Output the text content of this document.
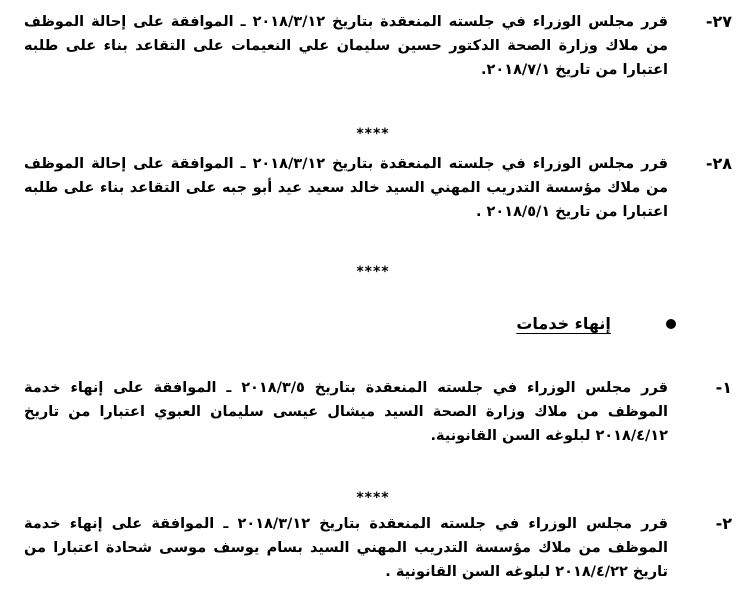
٢٧-
قرر مجلس الوزراء في جلسته المنعقدة بتاريخ ٢٠١٨/٣/١٢ ـ الموافقة على إحالة الموظف من ملاك وزارة الصحة الدكتور حسين سليمان علي النعيمات على التقاعد بناء على طلبه اعتبارا من تاريخ ٢٠١٨/٧/١.
****
٢٨-
قرر مجلس الوزراء في جلسته المنعقدة بتاريخ ٢٠١٨/٣/١٢ ـ الموافقة على إحالة الموظف من ملاك مؤسسة التدريب المهني السيد خالد سعيد عيد أبو جبه على التقاعد بناء على طلبه اعتبارا من تاريخ ٢٠١٨/٥/١ .
****
إنهاء خدمات
١-
قرر مجلس الوزراء في جلسته المنعقدة بتاريخ ٢٠١٨/٣/٥ ـ الموافقة على إنهاء خدمة الموظف من ملاك وزارة الصحة السيد ميشال عيسى سليمان العبوي اعتبارا من تاريخ ٢٠١٨/٤/١٢ لبلوغه السن القانونية.
****
٢-
قرر مجلس الوزراء في جلسته المنعقدة بتاريخ ٢٠١٨/٣/١٢ ـ الموافقة على إنهاء خدمة الموظف من ملاك مؤسسة التدريب المهني السيد بسام يوسف موسى شحادة اعتبارا من تاريخ ٢٠١٨/٤/٢٢ لبلوغه السن القانونية .
